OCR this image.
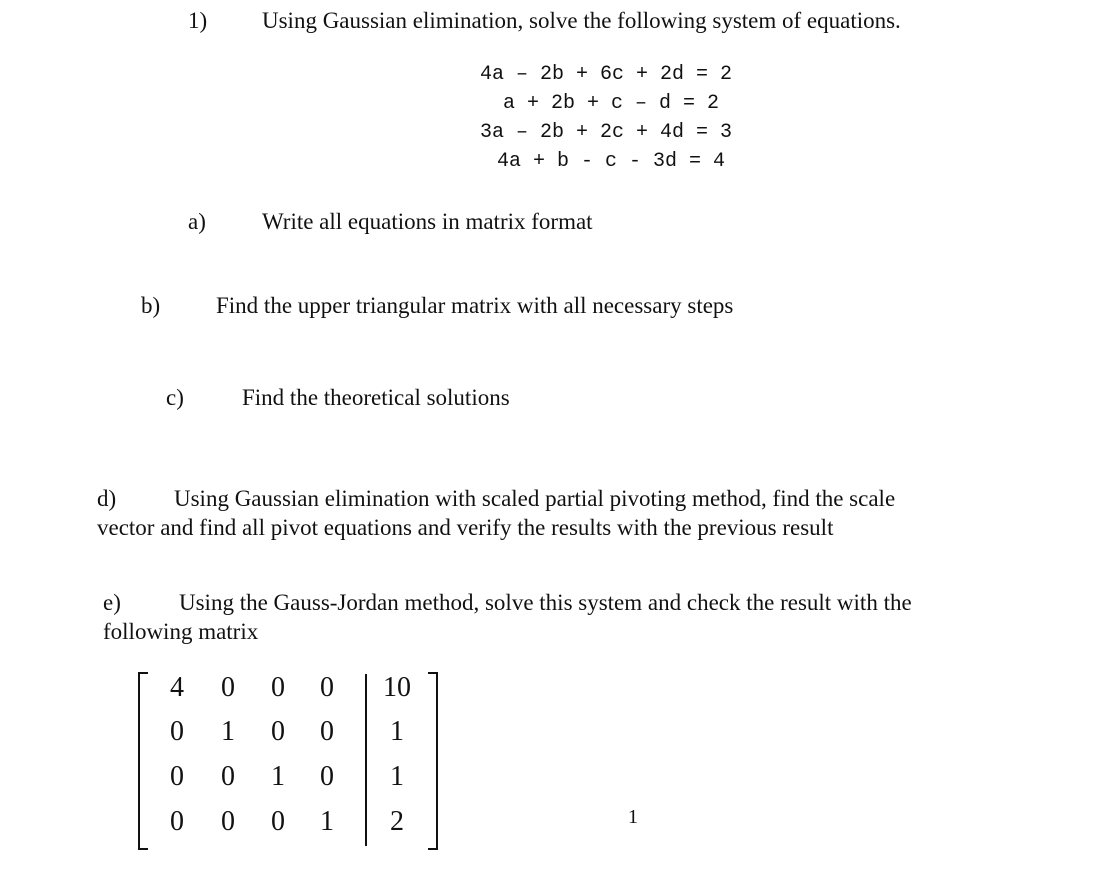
1) Using Gaussian elimination, solve the following system of equations.
4a – 2b + 6c + 2d = 2
a + 2b + c – d = 2
3a – 2b + 2c + 4d = 3
4a + b - c - 3d = 4
a) Write all equations in matrix format
b) Find the upper triangular matrix with all necessary steps
c)	Find the theoretical solutions
d)	Using Gaussian elimination with scaled partial pivoting method, find the scale
vector and find all pivot equations and verify the results with the previous result
e)	Using the Gauss-Jordan method, solve this system and check the result with the
following matrix
4 0 0 0 10
0 1 0 0 1
0 0 1 0 1
0 0 0 1 2	1
